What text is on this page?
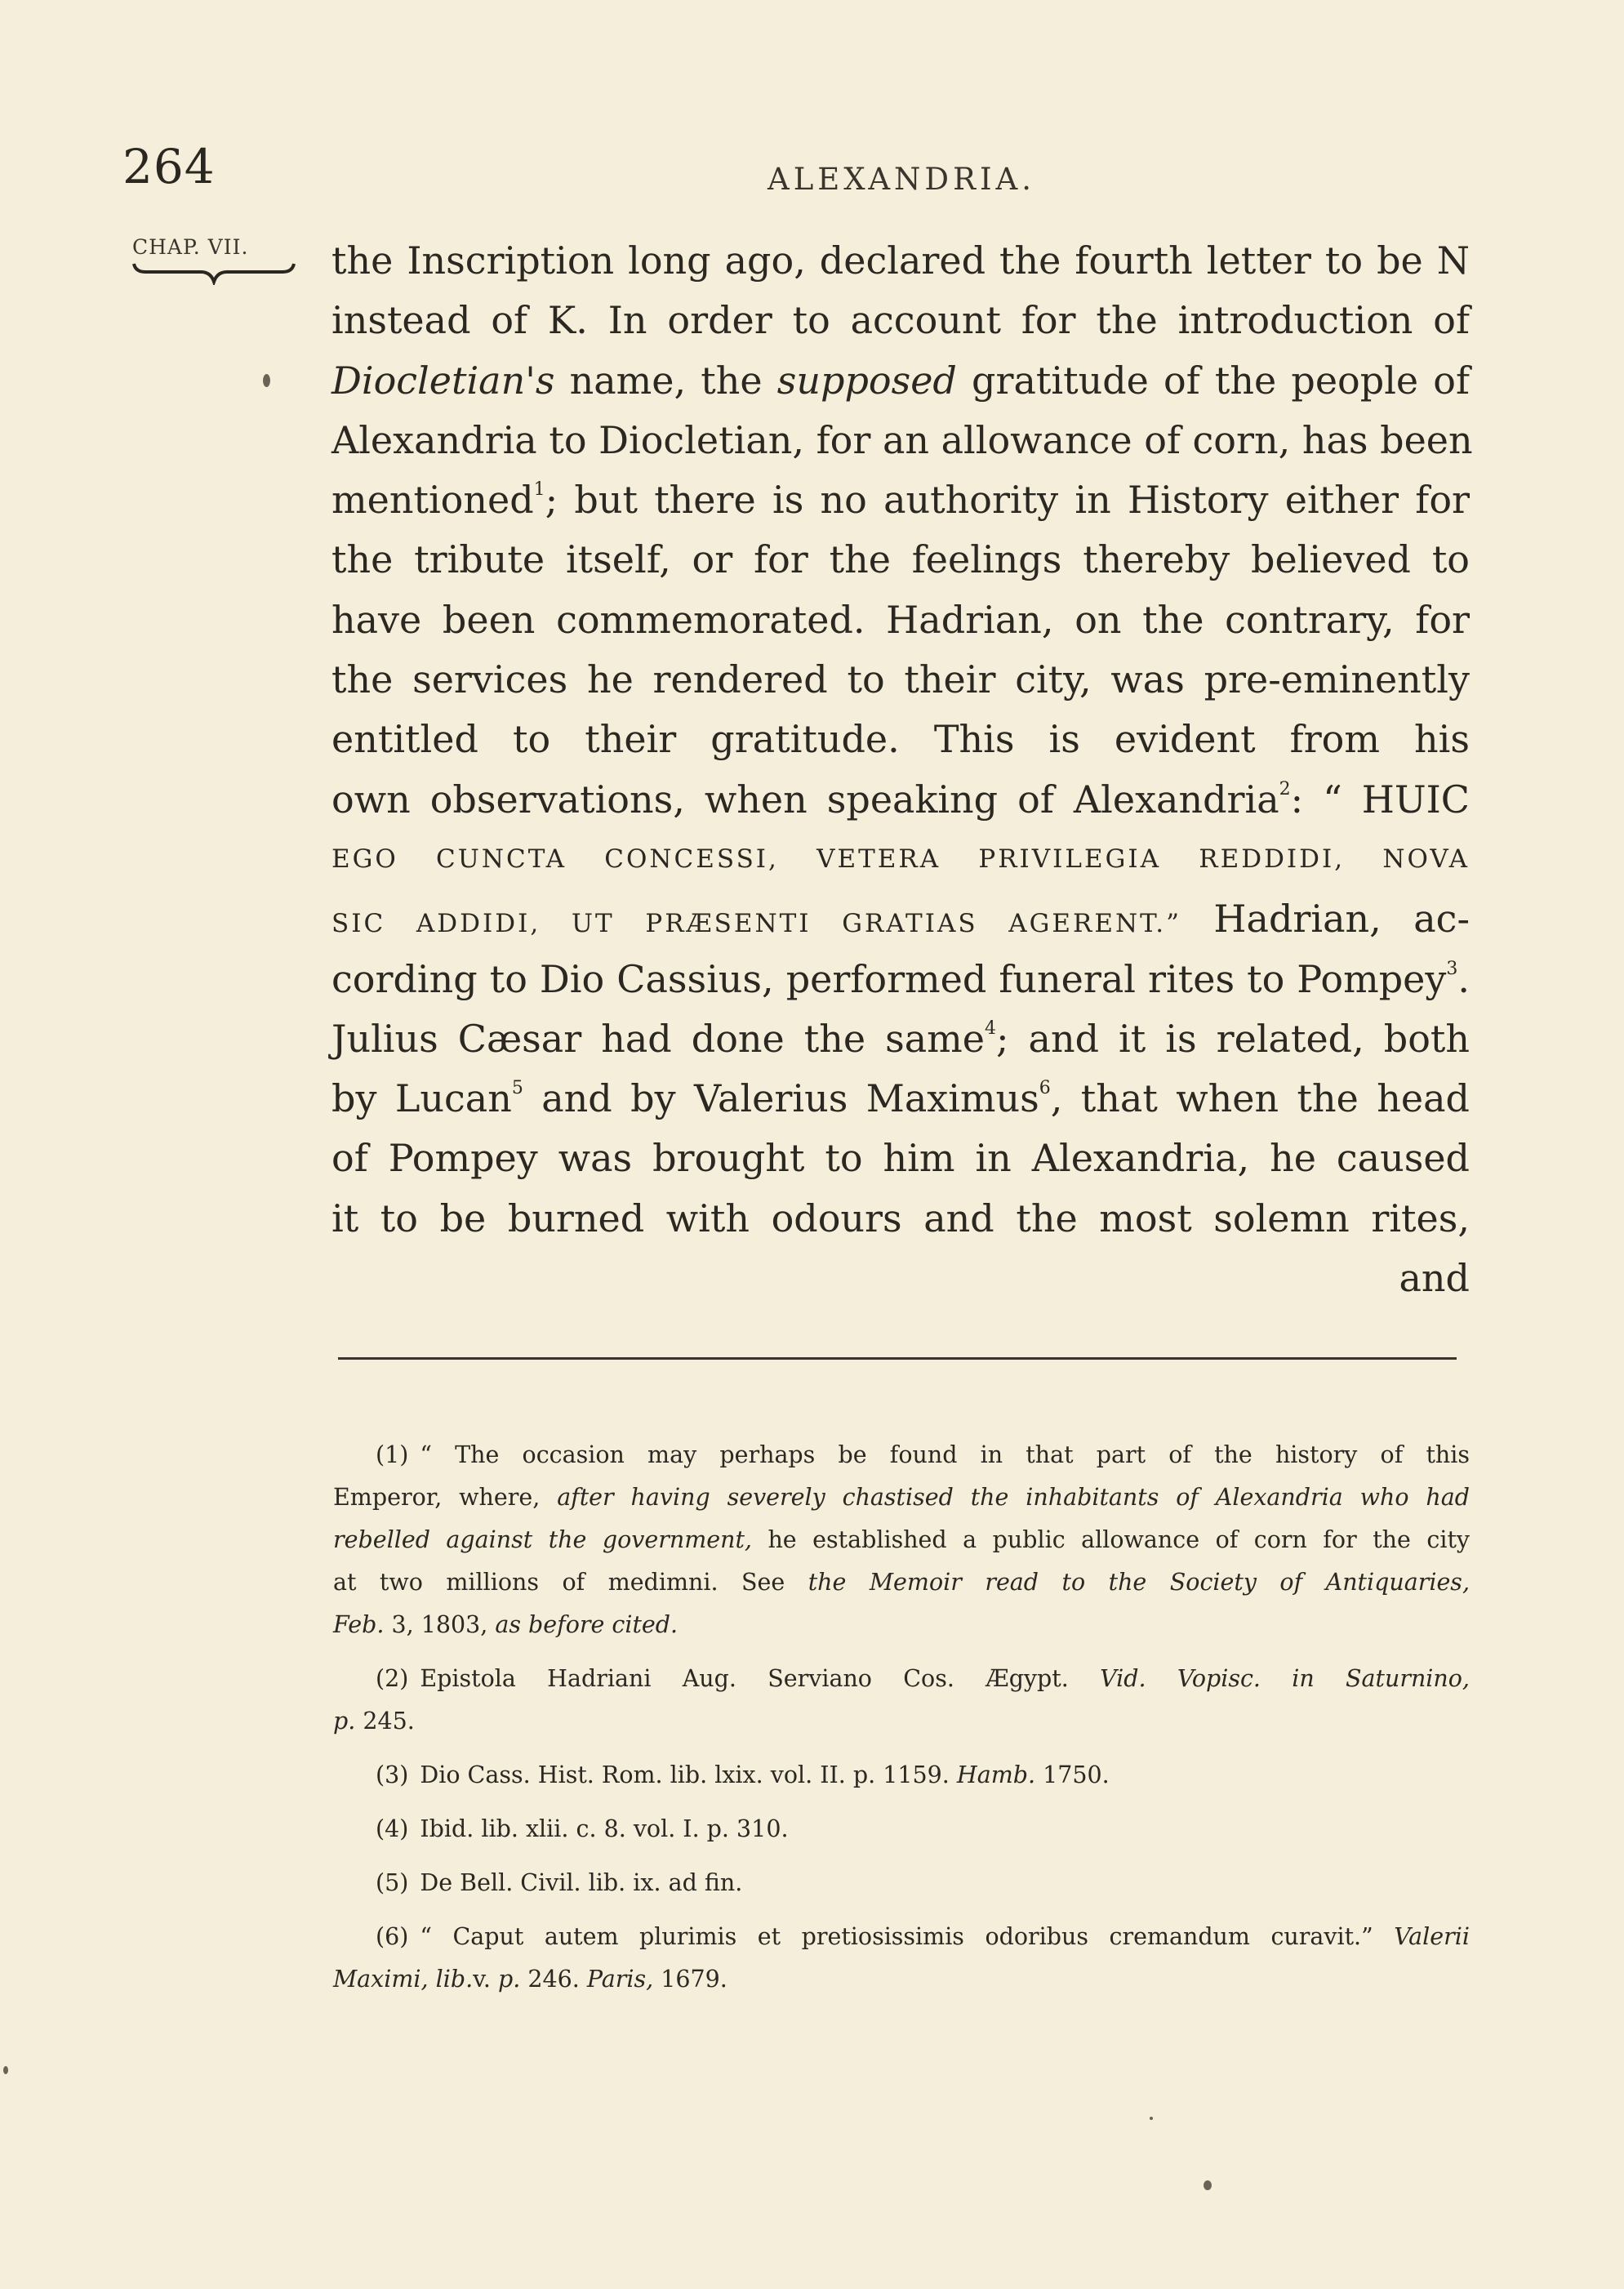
264	ALEXANDRIA.
CHAP. VII.	the Inscription long ago, declared the fourth letter to be N
instead of K. In order to account for the introduction of
Diocletian's name, the supposed gratitude of the people of
Alexandria to Diocletian, for an allowance of corn, has been
mentioned$^1$; but there is no authority in History either for
the tribute itself, or for the feelings thereby believed to
have been commemorated. Hadrian, on the contrary, for
the services he rendered to their city, was pre-eminently
entitled to their gratitude. This is evident from his
own observations, when speaking of Alexandria$^2$: “ HUIC
EGO CUNCTA CONCESSI, VETERA PRIVILEGIA REDDIDI, NOVA
SIC ADDIDI, UT PRÆSENTI GRATIAS AGERENT.” Hadrian, ac-
cording to Dio Cassius, performed funeral rites to Pompey$^3$.
Julius Cæsar had done the same$^4$; and it is related, both
by Lucan$^5$ and by Valerius Maximus$^6$, that when the head
of Pompey was brought to him in Alexandria, he caused
it to be burned with odours and the most solemn rites,
and
(1) “ The occasion may perhaps be found in that part of the history of this
Emperor, where, after having severely chastised the inhabitants of Alexandria who had
rebelled against the government, he established a public allowance of corn for the city
at two millions of medimni. See the Memoir read to the Society of Antiquaries,
Feb. 3, 1803, as before cited.
(2) Epistola Hadriani Aug. Serviano Cos. Ægypt. Vid. Vopisc. in Saturnino,
p. 245.
(3) Dio Cass. Hist. Rom. lib. lxix. vol. II. p. 1159. Hamb. 1750.
(4) Ibid. lib. xlii. c. 8. vol. I. p. 310.
(5) De Bell. Civil. lib. ix. ad fin.
(6) “ Caput autem plurimis et pretiosissimis odoribus cremandum curavit.” Valerii
Maximi, lib.v. p. 246. Paris, 1679.
